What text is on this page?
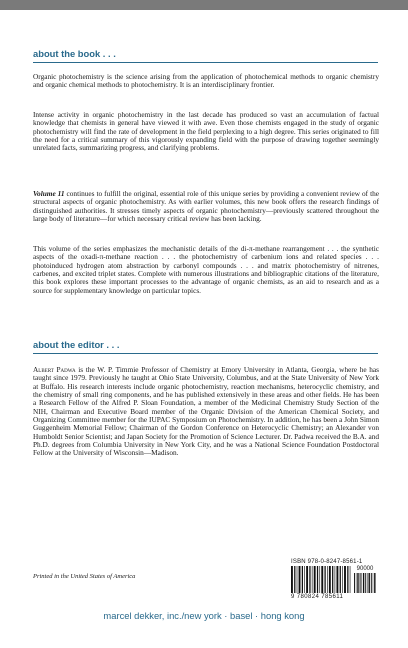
about the book . . .

Organic photochemistry is the science arising from the application of photochemical methods to organic chemistry and organic chemical methods to photochemistry. It is an interdisciplinary frontier.

Intense activity in organic photochemistry in the last decade has produced so vast an accumulation of factual knowledge that chemists in general have viewed it with awe. Even those chemists engaged in the study of organic photochemistry will find the rate of development in the field perplexing to a high degree. This series originated to fill the need for a critical summary of this vigorously expanding field with the purpose of drawing together seemingly unrelated facts, summarizing progress, and clarifying problems.

Volume 11 continues to fulfill the original, essential role of this unique series by providing a convenient review of the structural aspects of organic photochemistry. As with earlier volumes, this new book offers the research findings of distinguished authorities. It stresses timely aspects of organic photochemistry—previously scattered throughout the large body of literature—for which necessary critical review has been lacking.

This volume of the series emphasizes the mechanistic details of the di-π-methane rearrangement . . . the synthetic aspects of the oxadi-π-methane reaction . . . the photochemistry of carbenium ions and related species . . . photoinduced hydrogen atom abstraction by carbonyl compounds . . . and matrix photochemistry of nitrenes, carbenes, and excited triplet states. Complete with numerous illustrations and bibliographic citations of the literature, this book explores these important processes to the advantage of organic chemists, as an aid to research and as a source for supplementary knowledge on particular topics.

about the editor . . .

Albert Padwa is the W. P. Timmie Professor of Chemistry at Emory University in Atlanta, Georgia, where he has taught since 1979. Previously he taught at Ohio State University, Columbus, and at the State University of New York at Buffalo. His research interests include organic photochemistry, reaction mechanisms, heterocyclic chemistry, and the chemistry of small ring components, and he has published extensively in these areas and other fields. He has been a Research Fellow of the Alfred P. Sloan Foundation, a member of the Medicinal Chemistry Study Section of the NIH, Chairman and Executive Board member of the Organic Division of the American Chemical Society, and Organizing Committee member for the IUPAC Symposium on Photochemistry. In addition, he has been a John Simon Guggenheim Memorial Fellow; Chairman of the Gordon Conference on Heterocyclic Chemistry; an Alexander von Humboldt Senior Scientist; and Japan Society for the Promotion of Science Lecturer. Dr. Padwa received the B.A. and Ph.D. degrees from Columbia University in New York City, and he was a National Science Foundation Postdoctoral Fellow at the University of Wisconsin—Madison.

Printed in the United States of America
ISBN 978-0-8247-8561-1
90000
9 780824 785611
marcel dekker, inc./new york · basel · hong kong
